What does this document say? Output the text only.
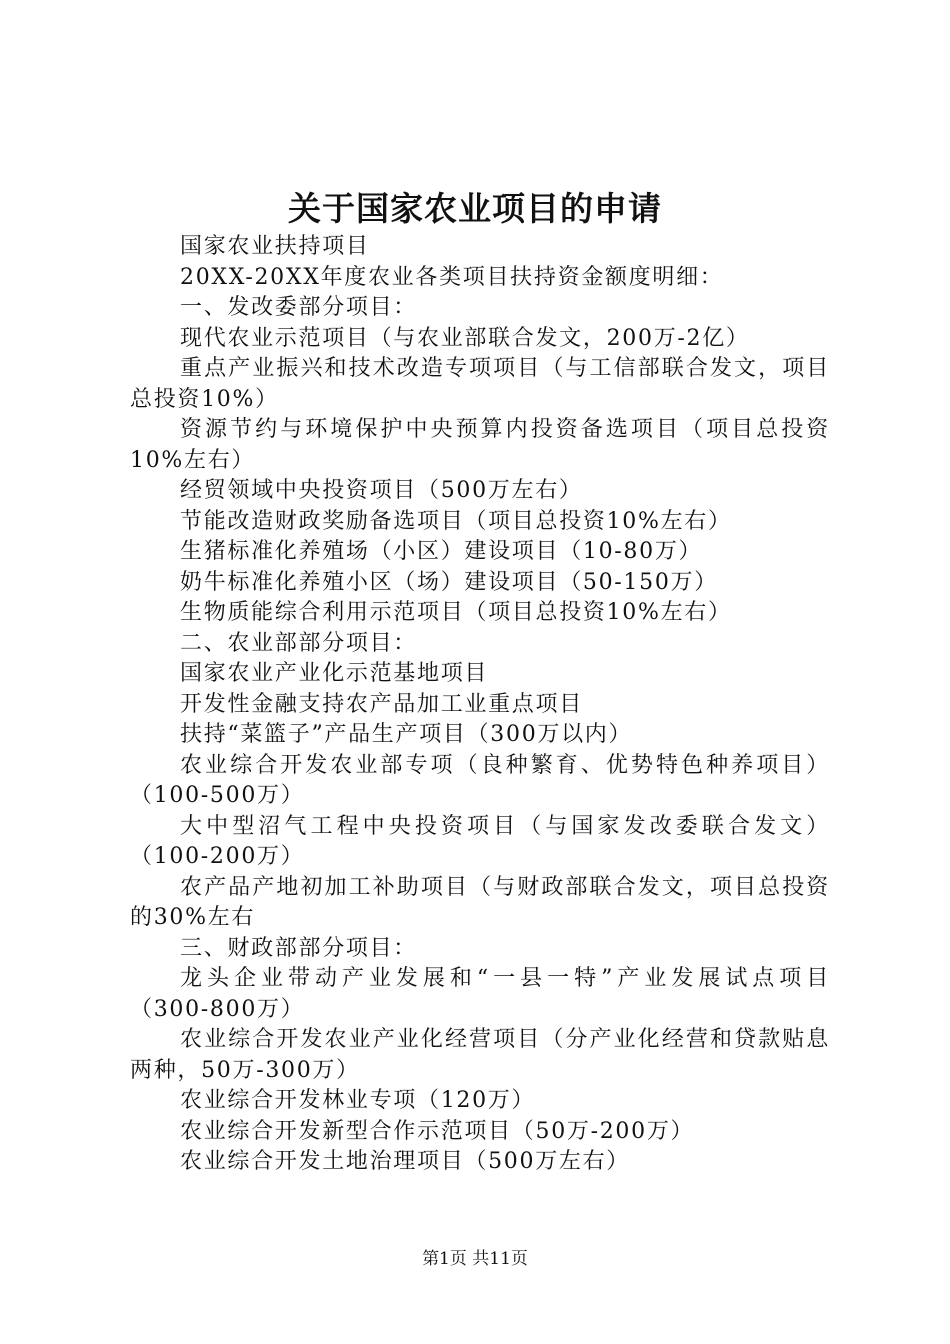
关于国家农业项目的申请

国家农业扶持项目

20XX-20XX年度农业各类项目扶持资金额度明细：

一、发改委部分项目：

现代农业示范项目（与农业部联合发文，200万-2亿）

重点产业振兴和技术改造专项项目（与工信部联合发文，项目总投资10%）

资源节约与环境保护中央预算内投资备选项目（项目总投资10%左右）

经贸领域中央投资项目（500万左右）

节能改造财政奖励备选项目（项目总投资10%左右）

生猪标准化养殖场（小区）建设项目（10-80万）

奶牛标准化养殖小区（场）建设项目（50-150万）

生物质能综合利用示范项目（项目总投资10%左右）

二、农业部部分项目：

国家农业产业化示范基地项目

开发性金融支持农产品加工业重点项目

扶持“菜篮子”产品生产项目（300万以内）

农业综合开发农业部专项（良种繁育、优势特色种养项目）（100-500万）

大中型沼气工程中央投资项目（与国家发改委联合发文）（100-200万）

农产品产地初加工补助项目（与财政部联合发文，项目总投资的30%左右

三、财政部部分项目：

龙头企业带动产业发展和“一县一特”产业发展试点项目（300-800万）

农业综合开发农业产业化经营项目（分产业化经营和贷款贴息两种，50万-300万）

农业综合开发林业专项（120万）

农业综合开发新型合作示范项目（50万-200万）

农业综合开发土地治理项目（500万左右）

第1页 共11页
